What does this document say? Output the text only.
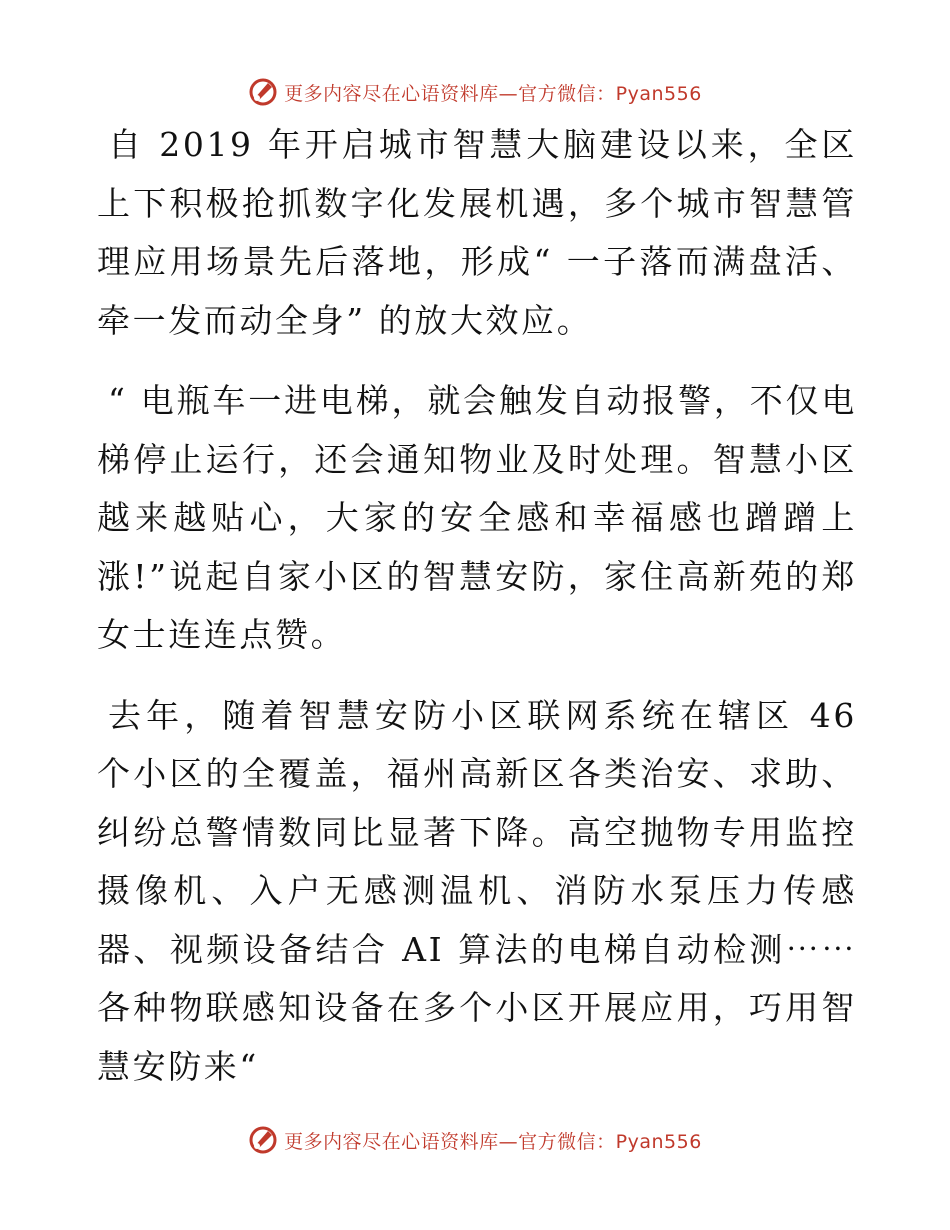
更多内容尽在心语资料库—官方微信：Pyan556

自 2019 年开启城市智慧大脑建设以来，全区上下积极抢抓数字化发展机遇，多个城市智慧管理应用场景先后落地，形成“ 一子落而满盘活、牵一发而动全身” 的放大效应。

“ 电瓶车一进电梯，就会触发自动报警，不仅电梯停止运行，还会通知物业及时处理。智慧小区越来越贴心，大家的安全感和幸福感也蹭蹭上涨!”说起自家小区的智慧安防，家住高新苑的郑女士连连点赞。

去年，随着智慧安防小区联网系统在辖区 46 个小区的全覆盖，福州高新区各类治安、求助、纠纷总警情数同比显著下降。高空抛物专用监控摄像机、入户无感测温机、消防水泵压力传感器、视频设备结合 AI 算法的电梯自动检测⋯⋯各种物联感知设备在多个小区开展应用，巧用智慧安防来“

更多内容尽在心语资料库—官方微信：Pyan556
